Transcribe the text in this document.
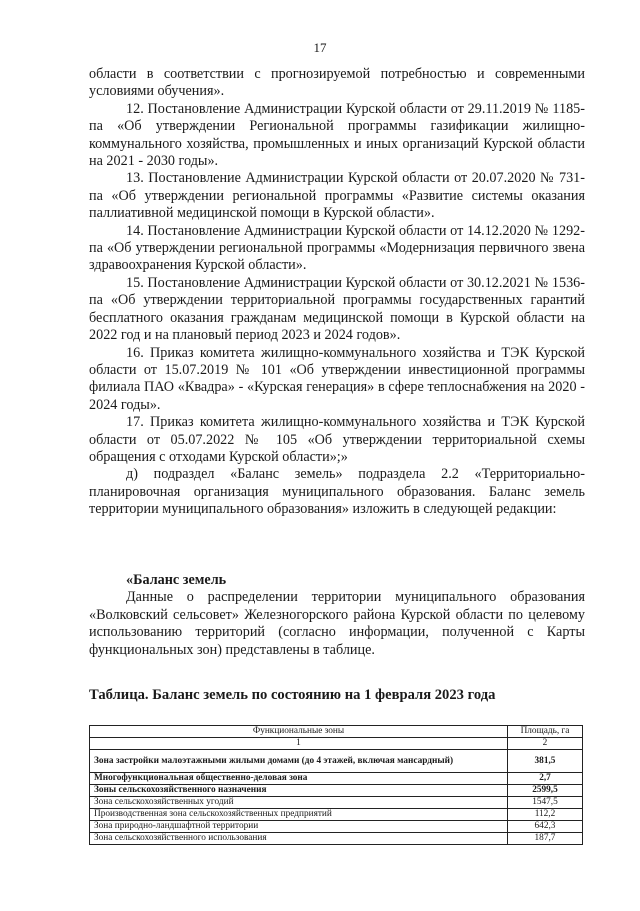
17

области в соответствии с прогнозируемой потребностью и современными условиями обучения».

12. Постановление Администрации Курской области от 29.11.2019 № 1185-па «Об утверждении Региональной программы газификации жилищно-коммунального хозяйства, промышленных и иных организаций Курской области на 2021 - 2030 годы».

13. Постановление Администрации Курской области от 20.07.2020 № 731-па «Об утверждении региональной программы «Развитие системы оказания паллиативной медицинской помощи в Курской области».

14. Постановление Администрации Курской области от 14.12.2020 № 1292-па «Об утверждении региональной программы «Модернизация первичного звена здравоохранения Курской области».

15. Постановление Администрации Курской области от 30.12.2021 № 1536-па «Об утверждении территориальной программы государственных гарантий бесплатного оказания гражданам медицинской помощи в Курской области на 2022 год и на плановый период 2023 и 2024 годов».

16. Приказ комитета жилищно-коммунального хозяйства и ТЭК Курской области от 15.07.2019 № 101 «Об утверждении инвестиционной программы филиала ПАО «Квадра» - «Курская генерация» в сфере теплоснабжения на 2020 - 2024 годы».

17. Приказ комитета жилищно-коммунального хозяйства и ТЭК Курской области от 05.07.2022 № 105 «Об утверждении территориальной схемы обращения с отходами Курской области»;»

д) подраздел «Баланс земель» подраздела 2.2 «Территориально-планировочная организация муниципального образования. Баланс земель территории муниципального образования» изложить в следующей редакции:

«Баланс земель

Данные о распределении территории муниципального образования «Волковский сельсовет» Железногорского района Курской области по целевому использованию территорий (согласно информации, полученной с Карты функциональных зон) представлены в таблице.

Таблица. Баланс земель по состоянию на 1 февраля 2023 года

Функциональные зоны	Площадь, га
1	2
Зона застройки малоэтажными жилыми домами (до 4 этажей, включая мансардный)	381,5
Многофункциональная общественно-деловая зона	2,7
Зоны сельскохозяйственного назначения	2599,5
Зона сельскохозяйственных угодий	1547,5
Производственная зона сельскохозяйственных предприятий	112,2
Зона природно-ландшафтной территории	642,3
Зона сельскохозяйственного использования	187,7
